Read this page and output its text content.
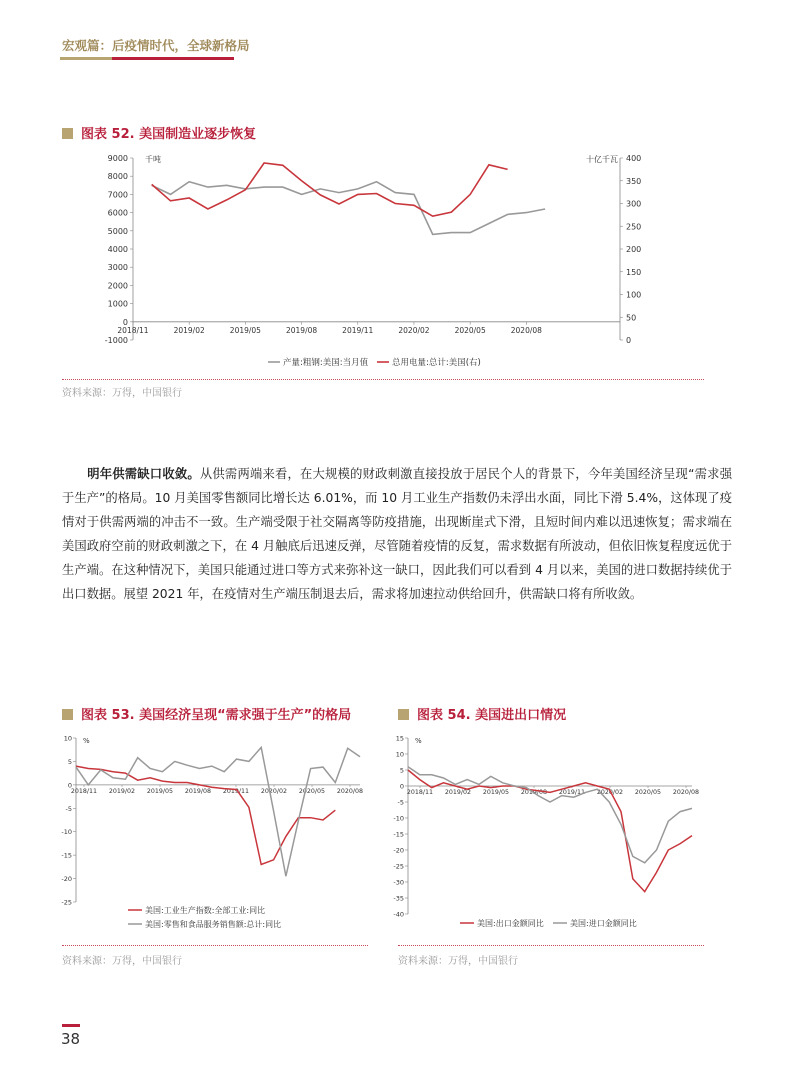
宏观篇：后疫情时代，全球新格局
图表 52. 美国制造业逐步恢复
-1000
0
1000
2000
3000
4000
5000
6000
7000
8000
9000
0
50
100
150
200
250
300
350
400
2018/11	2019/02	2019/05	2019/08	2019/11	2020/02	2020/05	2020/08
千吨	十亿千瓦
产量:粗钢:美国:当月值	总用电量:总计:美国(右)
资料来源：万得，中国银行
明年供需缺口收敛。从供需两端来看，在大规模的财政刺激直接投放于居民个人的背景下，今年美国经济呈现“需求强于生产”的格局。10 月美国零售额同比增长达 6.01%，而 10 月工业生产指数仍未浮出水面，同比下滑 5.4%，这体现了疫情对于供需两端的冲击不一致。生产端受限于社交隔离等防疫措施，出现断崖式下滑，且短时间内难以迅速恢复；需求端在美国政府空前的财政刺激之下，在 4 月触底后迅速反弹，尽管随着疫情的反复，需求数据有所波动，但依旧恢复程度远优于生产端。在这种情况下，美国只能通过进口等方式来弥补这一缺口，因此我们可以看到 4 月以来，美国的进口数据持续优于出口数据。展望 2021 年，在疫情对生产端压制退去后，需求将加速拉动供给回升，供需缺口将有所收敛。
图表 53. 美国经济呈现“需求强于生产”的格局
-25
-20
-15
-10
-5
0
5
10
2018/11 2019/02 2019/05 2019/08 2019/11 2020/02 2020/05 2020/08
%
美国:工业生产指数:全部工业:同比
美国:零售和食品服务销售额:总计:同比
资料来源：万得，中国银行
图表 54. 美国进出口情况
-40
-35
-30
-25
-20
-15
-10
-5
0
5
10
15
2018/11 2019/02 2019/05 2019/08 2019/11 2020/02 2020/05 2020/08
%
美国:出口金额同比	美国:进口金额同比
资料来源：万得，中国银行
38
